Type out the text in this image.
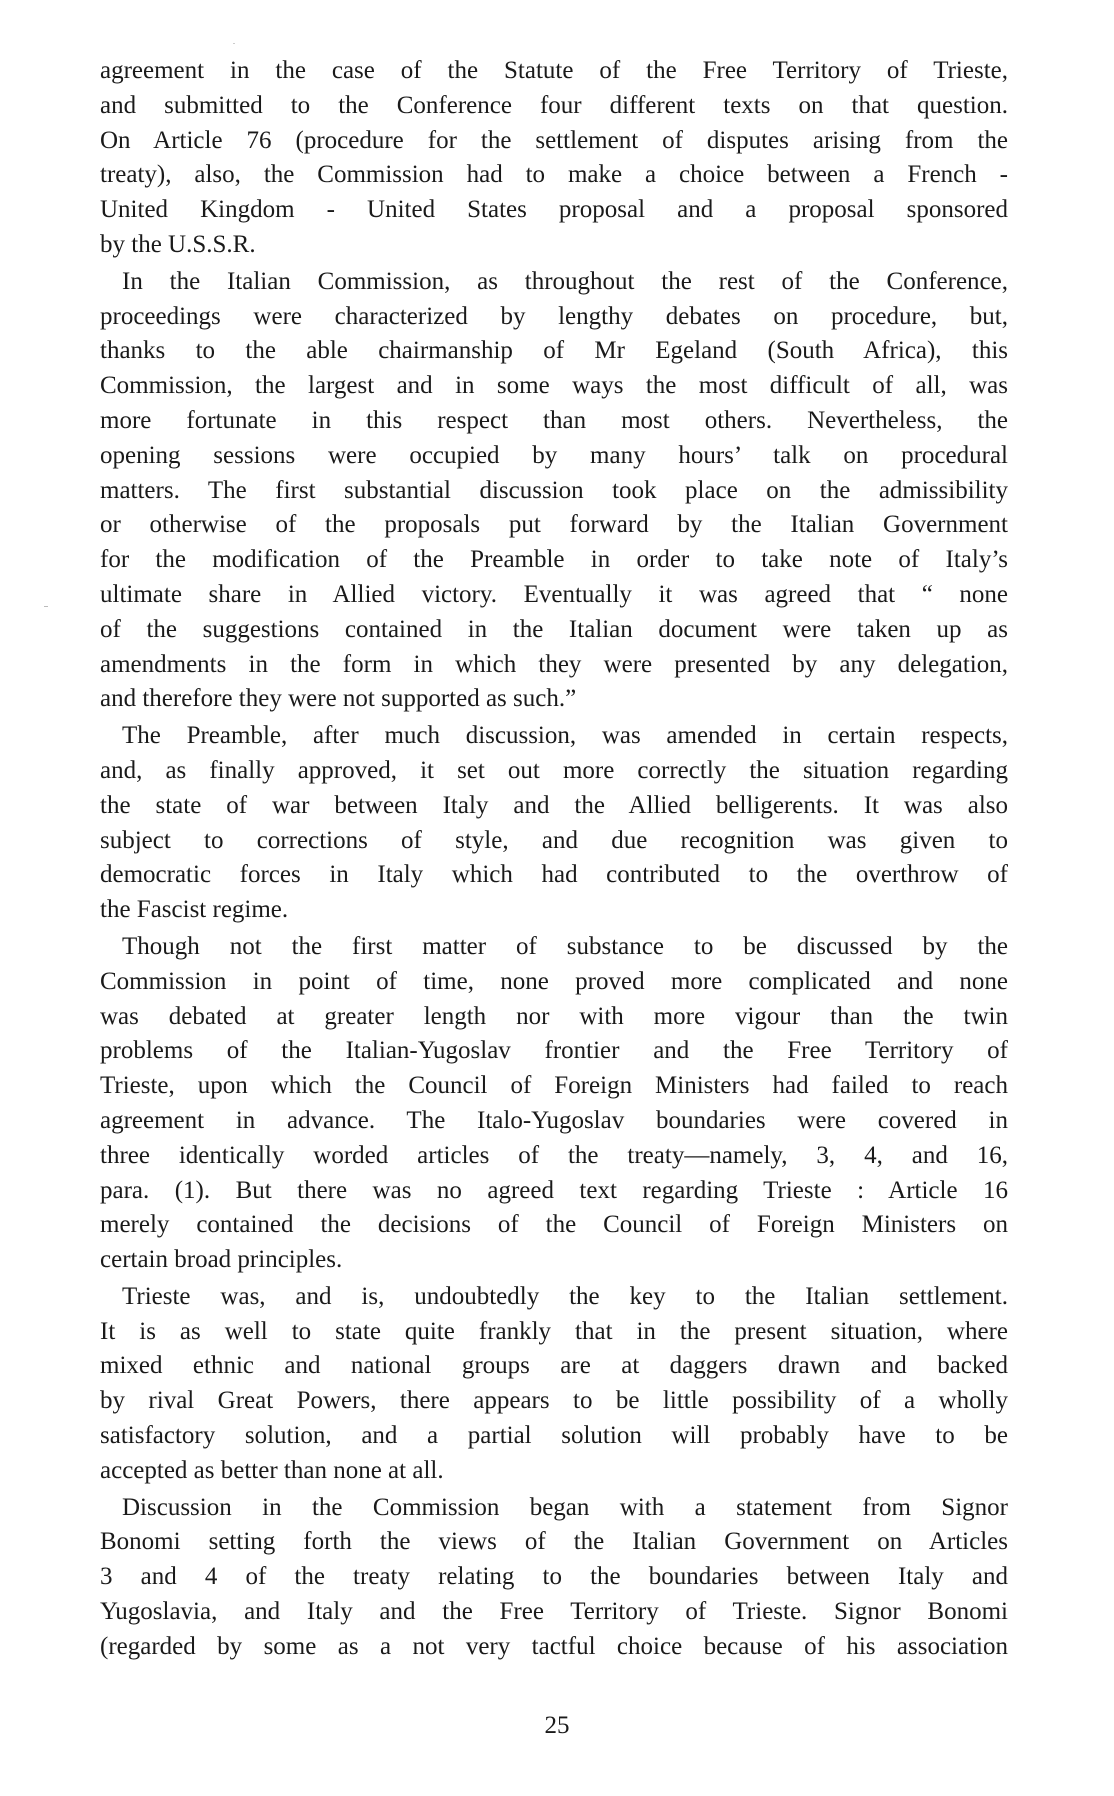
agreement in the case of the Statute of the Free Territory of Trieste,
and submitted to the Conference four different texts on that question.
On Article 76 (procedure for the settlement of disputes arising from the
treaty), also, the Commission had to make a choice between a French -
United Kingdom - United States proposal and a proposal sponsored
by the U.S.S.R.

In the Italian Commission, as throughout the rest of the Conference,
proceedings were characterized by lengthy debates on procedure, but,
thanks to the able chairmanship of Mr Egeland (South Africa), this
Commission, the largest and in some ways the most difficult of all, was
more fortunate in this respect than most others. Nevertheless, the
opening sessions were occupied by many hours’ talk on procedural
matters. The first substantial discussion took place on the admissibility
or otherwise of the proposals put forward by the Italian Government
for the modification of the Preamble in order to take note of Italy’s
ultimate share in Allied victory. Eventually it was agreed that “ none
of the suggestions contained in the Italian document were taken up as
amendments in the form in which they were presented by any delegation,
and therefore they were not supported as such.”

The Preamble, after much discussion, was amended in certain respects,
and, as finally approved, it set out more correctly the situation regarding
the state of war between Italy and the Allied belligerents. It was also
subject to corrections of style, and due recognition was given to
democratic forces in Italy which had contributed to the overthrow of
the Fascist regime.

Though not the first matter of substance to be discussed by the
Commission in point of time, none proved more complicated and none
was debated at greater length nor with more vigour than the twin
problems of the Italian-Yugoslav frontier and the Free Territory of
Trieste, upon which the Council of Foreign Ministers had failed to reach
agreement in advance. The Italo-Yugoslav boundaries were covered in
three identically worded articles of the treaty—namely, 3, 4, and 16,
para. (1). But there was no agreed text regarding Trieste : Article 16
merely contained the decisions of the Council of Foreign Ministers on
certain broad principles.

Trieste was, and is, undoubtedly the key to the Italian settlement.
It is as well to state quite frankly that in the present situation, where
mixed ethnic and national groups are at daggers drawn and backed
by rival Great Powers, there appears to be little possibility of a wholly
satisfactory solution, and a partial solution will probably have to be
accepted as better than none at all.

Discussion in the Commission began with a statement from Signor
Bonomi setting forth the views of the Italian Government on Articles
3 and 4 of the treaty relating to the boundaries between Italy and
Yugoslavia, and Italy and the Free Territory of Trieste. Signor Bonomi
(regarded by some as a not very tactful choice because of his association

25
